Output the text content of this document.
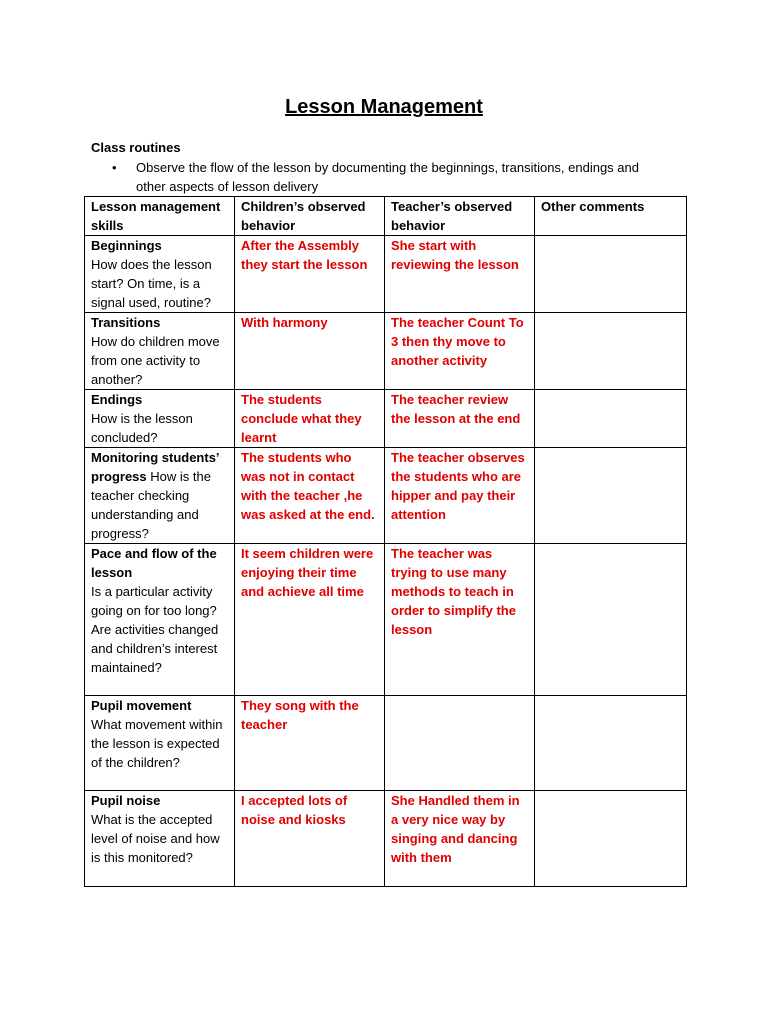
Lesson Management
Class routines
•	Observe the flow of the lesson by documenting the beginnings, transitions, endings and other aspects of lesson delivery
Lesson management skills	Children’s observed behavior	Teacher’s observed behavior	Other comments

Beginnings
How does the lesson start? On time, is a signal used, routine?	After the Assembly they start the lesson	She start with reviewing the lesson	

Transitions
How do children move from one activity to another?	With harmony	The teacher Count To 3 then thy move to another activity	

Endings
How is the lesson concluded?	The students conclude what they learnt	The teacher review the lesson at the end	
Monitoring students’ progress How is the teacher checking understanding and progress?	The students who was not in contact with the teacher ,he was asked at the end.	The teacher observes the students who are hipper and pay their attention	

Pace and flow of the lesson
Is a particular activity going on for too long? Are activities changed and children’s interest maintained?	It seem children were enjoying their time and achieve all time	The teacher was trying to use many methods to teach in order to simplify the lesson	

Pupil movement
What movement within the lesson is expected of the children?	They song with the teacher		

Pupil noise
What is the accepted level of noise and how is this monitored?	I accepted lots of noise and kiosks	She Handled them in a very nice way by singing and dancing with them	
